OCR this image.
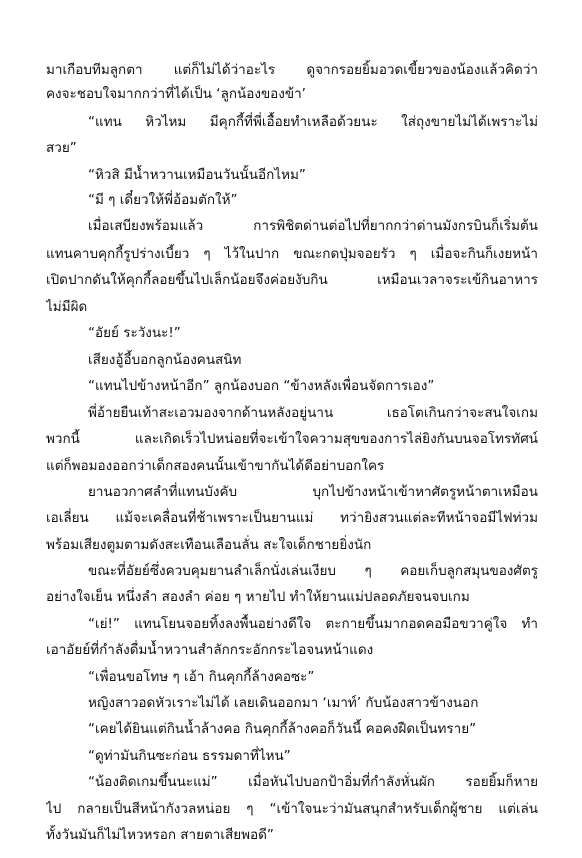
มาเกือบทีมลูกตา แต่ก็ไม่ได้ว่าอะไร ดูจากรอยยิ้มอวดเขี้ยวของน้องแล้วคิดว่า
คงจะชอบใจมากกว่าที่ได้เป็น ‘ลูกน้องของข้า’
“แทน หิวไหม มีคุกกี้ที่พี่เอื้อยทำเหลือด้วยนะ ใส่ถุงขายไม่ได้เพราะไม่
สวย”
“หิวสิ มีน้ำหวานเหมือนวันนั้นอีกไหม”
“มี ๆ เดี๋ยวให้พี่อ้อมตักให้”
เมื่อเสบียงพร้อมแล้ว การพิชิตด่านต่อไปที่ยากกว่าด่านมังกรบินก็เริ่มต้น
แทนคาบคุกกี้รูปร่างเบี้ยว ๆ ไว้ในปาก ขณะกดปุ่มจอยรัว ๆ เมื่อจะกินก็เงยหน้า
เปิดปากดันให้คุกกี้ลอยขึ้นไปเล็กน้อยจึงค่อยงับกิน เหมือนเวลาจระเข้กินอาหาร
ไม่มีผิด
“อัยย์ ระวังนะ!”
เสียงอู้อี้บอกลูกน้องคนสนิท
“แทนไปข้างหน้าอีก” ลูกน้องบอก “ข้างหลังเพื่อนจัดการเอง”
พี่อ้ายยืนเท้าสะเอวมองจากด้านหลังอยู่นาน เธอโตเกินกว่าจะสนใจเกม
พวกนี้ และเกิดเร็วไปหน่อยที่จะเข้าใจความสุขของการไล่ยิงกันบนจอโทรทัศน์
แต่ก็พอมองออกว่าเด็กสองคนนั้นเข้าขากันได้ดีอย่าบอกใคร
ยานอวกาศลำที่แทนบังคับ บุกไปข้างหน้าเข้าหาศัตรูหน้าตาเหมือน
เอเลี่ยน แม้จะเคลื่อนที่ช้าเพราะเป็นยานแม่ ทว่ายิงสวนแต่ละทีหน้าจอมีไฟท่วม
พร้อมเสียงตูมตามดังสะเทือนเลือนลั่น สะใจเด็กชายยิ่งนัก
ขณะที่อัยย์ซึ่งควบคุมยานลำเล็กนั่งเล่นเงียบ ๆ คอยเก็บลูกสมุนของศัตรู
อย่างใจเย็น หนึ่งลำ สองลำ ค่อย ๆ หายไป ทำให้ยานแม่ปลอดภัยจนจบเกม
“เย่!” แทนโยนจอยทิ้งลงพื้นอย่างดีใจ ตะกายขึ้นมากอดคอมือขวาคู่ใจ ทำ
เอาอัยย์ที่กำลังดื่มน้ำหวานสำลักกระอักกระไอจนหน้าแดง
“เพื่อนขอโทษ ๆ เอ้า กินคุกกี้ล้างคอซะ”
หญิงสาวอดหัวเราะไม่ได้ เลยเดินออกมา ‘เมาท์’ กับน้องสาวข้างนอก
“เคยได้ยินแต่กินน้ำล้างคอ กินคุกกี้ล้างคอก็วันนี้ คอคงฝืดเป็นทราย”
“ดูท่ามันกินซะก่อน ธรรมดาที่ไหน”
“น้องติดเกมขึ้นนะแม่” เมื่อหันไปบอกป้าอิ่มที่กำลังหั่นผัก รอยยิ้มก็หาย
ไป กลายเป็นสีหน้ากังวลหน่อย ๆ “เข้าใจนะว่ามันสนุกสำหรับเด็กผู้ชาย แต่เล่น
ทั้งวันมันก็ไม่ไหวหรอก สายตาเสียพอดี”
